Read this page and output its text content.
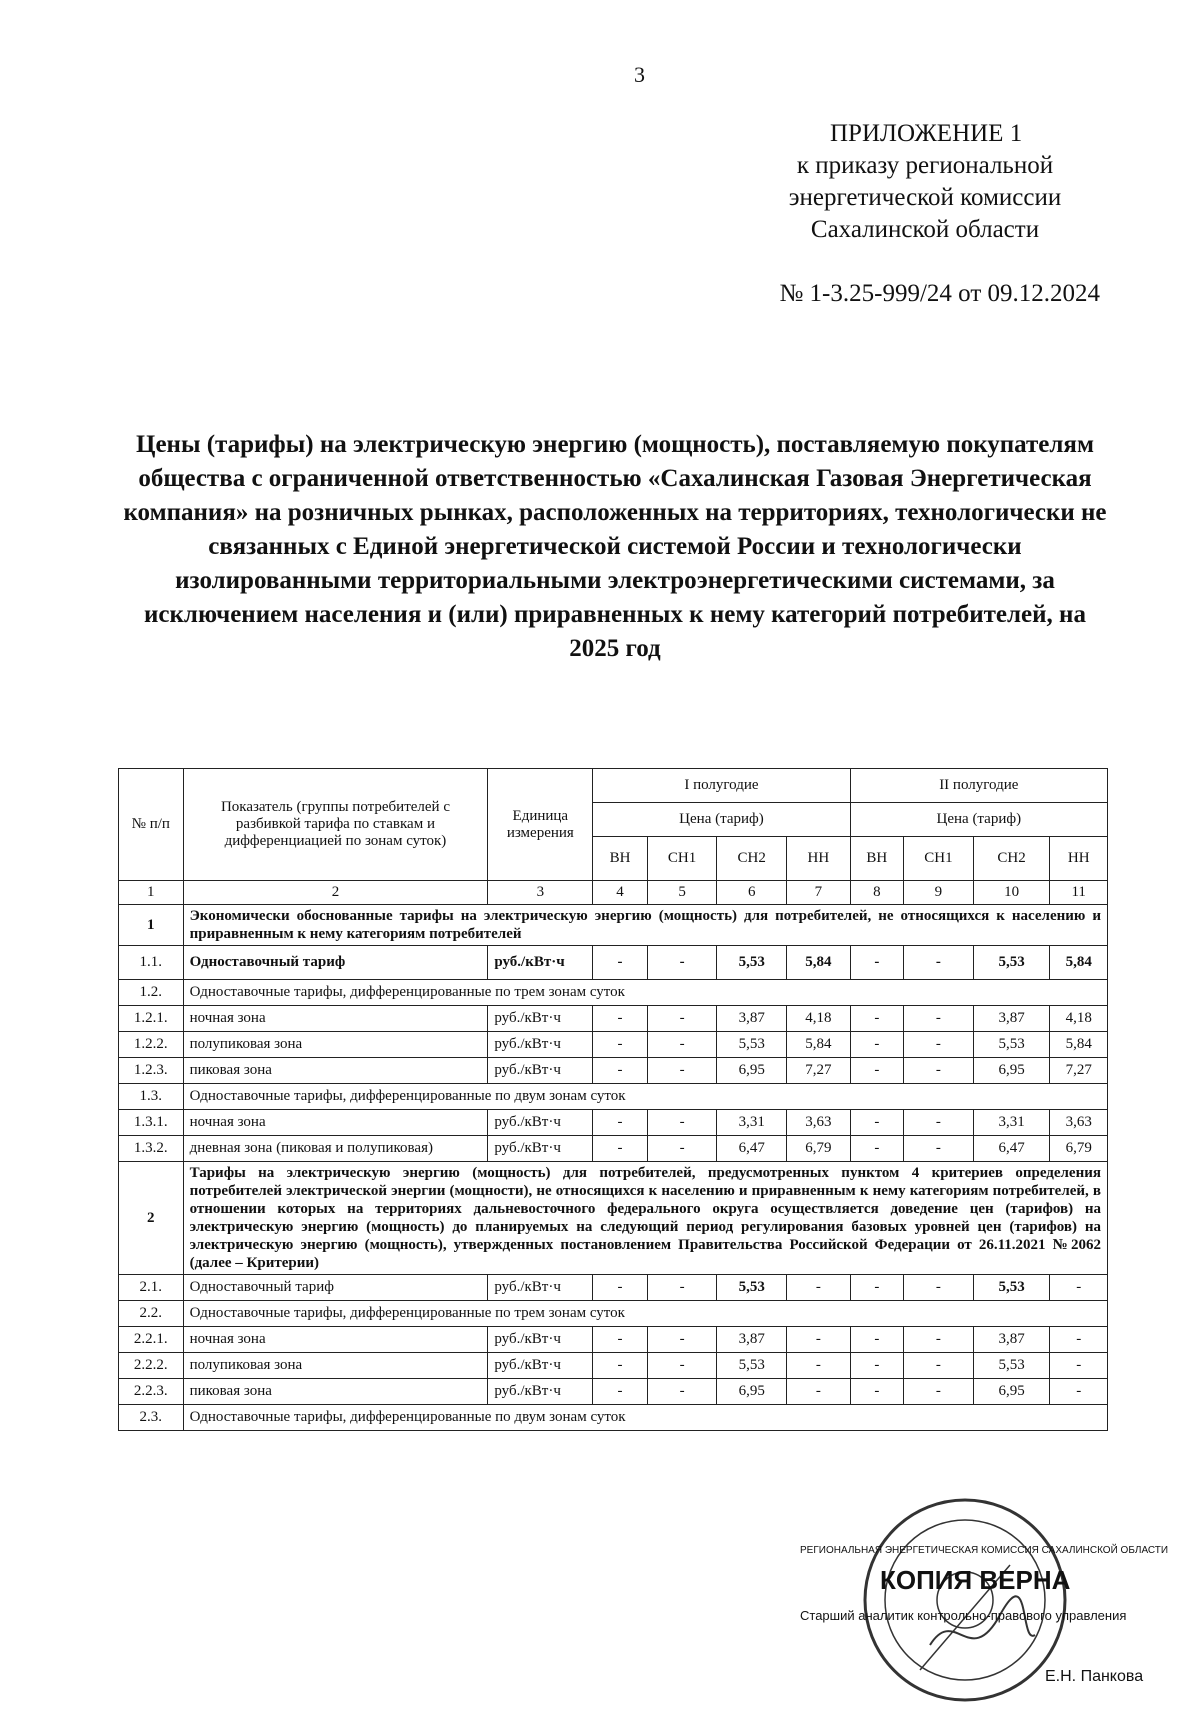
3
ПРИЛОЖЕНИЕ 1
к приказу региональной
энергетической комиссии
Сахалинской области
№ 1-3.25-999/24 от 09.12.2024
Цены (тарифы) на электрическую энергию (мощность), поставляемую покупателям общества с ограниченной ответственностью «Сахалинская Газовая Энергетическая компания» на розничных рынках, расположенных на территориях, технологически не связанных с Единой энергетической системой России и технологически изолированными территориальными электроэнергетическими системами, за исключением населения и (или) приравненных к нему категорий потребителей, на 2025 год
№ п/п	Показатель (группы потребителей с разбивкой тарифа по ставкам и дифференциацией по зонам суток)	Единица измерения	I полугодие				II полугодие			
			Цена (тариф)				Цена (тариф)			
			ВН	СН1	СН2	НН	ВН	СН1	СН2	НН
1	2	3	4	5	6	7	8	9	10	11
1	Экономически обоснованные тарифы на электрическую энергию (мощность) для потребителей, не относящихся к населению и приравненным к нему категориям потребителей									
1.1.	Одноставочный тариф	руб./кВт·ч	-	-	5,53	5,84	-	-	5,53	5,84
1.2.	Одноставочные тарифы, дифференцированные по трем зонам суток									
1.2.1.	ночная зона	руб./кВт·ч	-	-	3,87	4,18	-	-	3,87	4,18
1.2.2.	полупиковая зона	руб./кВт·ч	-	-	5,53	5,84	-	-	5,53	5,84
1.2.3.	пиковая зона	руб./кВт·ч	-	-	6,95	7,27	-	-	6,95	7,27
1.3.	Одноставочные тарифы, дифференцированные по двум зонам суток									
1.3.1.	ночная зона	руб./кВт·ч	-	-	3,31	3,63	-	-	3,31	3,63
1.3.2.	дневная зона (пиковая и полупиковая)	руб./кВт·ч	-	-	6,47	6,79	-	-	6,47	6,79
2	Тарифы на электрическую энергию (мощность) для потребителей, предусмотренных пунктом 4 критериев определения потребителей электрической энергии (мощности), не относящихся к населению и приравненным к нему категориям потребителей, в отношении которых на территориях дальневосточного федерального округа осуществляется доведение цен (тарифов) на электрическую энергию (мощность) до планируемых на следующий период регулирования базовых уровней цен (тарифов) на электрическую энергию (мощность), утвержденных постановлением Правительства Российской Федерации от 26.11.2021 №2062 (далее – Критерии)									
2.1.	Одноставочный тариф	руб./кВт·ч	-	-	5,53	-	-	-	5,53	-
2.2.	Одноставочные тарифы, дифференцированные по трем зонам суток									
2.2.1.	ночная зона	руб./кВт·ч	-	-	3,87	-	-	-	3,87	-
2.2.2.	полупиковая зона	руб./кВт·ч	-	-	5,53	-	-	-	5,53	-
2.2.3.	пиковая зона	руб./кВт·ч	-	-	6,95	-	-	-	6,95	-
2.3.	Одноставочные тарифы, дифференцированные по двум зонам суток									
РЕГИОНАЛЬНАЯ ЭНЕРГЕТИЧЕСКАЯ КОМИССИЯ САХАЛИНСКОЙ ОБЛАСТИ
КОПИЯ ВЕРНА
Старший аналитик контрольно-правового управления
Е.Н. Панкова
